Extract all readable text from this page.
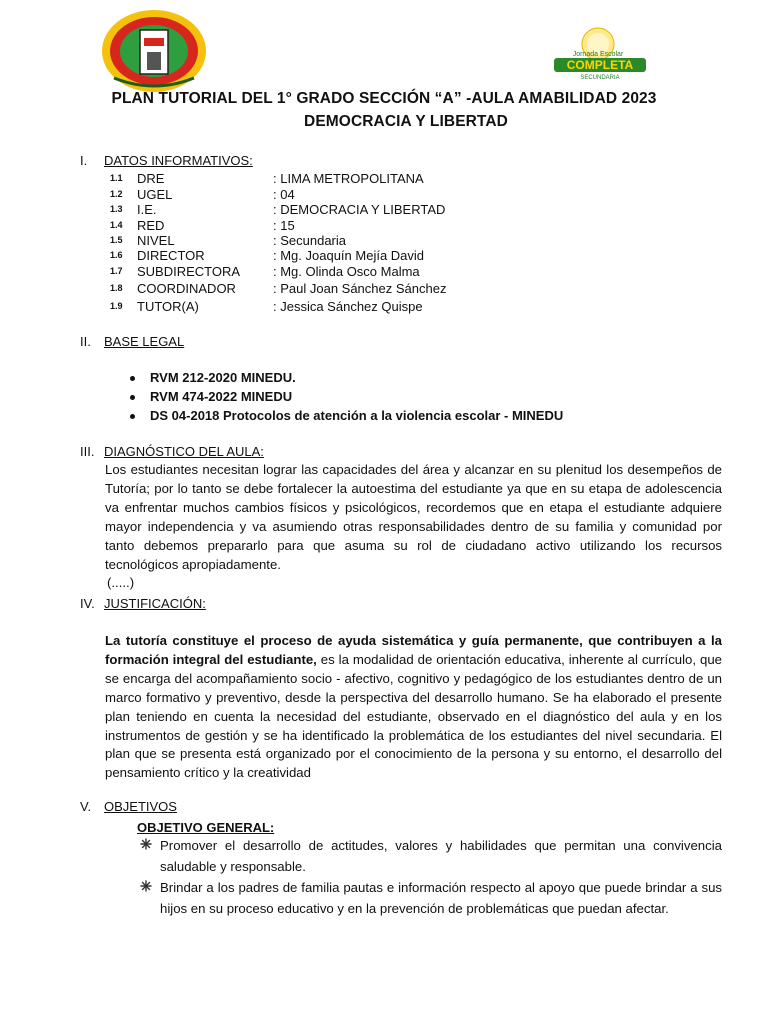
Jornada Escolar
COMPLETA
SECUNDARIA
PLAN TUTORIAL DEL 1° GRADO SECCIÓN “A” -AULA AMABILIDAD 2023
DEMOCRACIA Y LIBERTAD
I.	DATOS INFORMATIVOS:
1.1 DRE	: LIMA METROPOLITANA
1.2 UGEL	: 04
1.3 I.E.	: DEMOCRACIA Y LIBERTAD
1.4 RED	: 15
1.5 NIVEL	: Secundaria
1.6 DIRECTOR	: Mg. Joaquín Mejía David
1.7 SUBDIRECTORA	: Mg. Olinda Osco Malma
1.8 COORDINADOR	: Paul Joan Sánchez Sánchez
1.9 TUTOR(A)	: Jessica Sánchez Quispe
II.	BASE LEGAL
RVM 212-2020 MINEDU.
RVM 474-2022 MINEDU
DS 04-2018 Protocolos de atención a la violencia escolar - MINEDU
III. DIAGNÓSTICO DEL AULA:
Los estudiantes necesitan lograr las capacidades del área y alcanzar en su plenitud los desempeños de Tutoría; por lo tanto se debe fortalecer la autoestima del estudiante ya que en su etapa de adolescencia va enfrentar muchos cambios físicos y psicológicos, recordemos que en etapa el estudiante adquiere mayor independencia y va asumiendo otras responsabilidades dentro de su familia y comunidad por tanto debemos prepararlo para que asuma su rol de ciudadano activo utilizando los recursos tecnológicos apropiadamente.
(.....)
IV. JUSTIFICACIÓN:
La tutoría constituye el proceso de ayuda sistemática y guía permanente, que contribuyen a la formación integral del estudiante, es la modalidad de orientación educativa, inherente al currículo, que se encarga del acompañamiento socio - afectivo, cognitivo y pedagógico de los estudiantes dentro de un marco formativo y preventivo, desde la perspectiva del desarrollo humano. Se ha elaborado el presente plan teniendo en cuenta la necesidad del estudiante, observado en el diagnóstico del aula y en los instrumentos de gestión y se ha identificado la problemática de los estudiantes del nivel secundaria. El plan que se presenta está organizado por el conocimiento de la persona y su entorno, el desarrollo del pensamiento crítico y la creatividad
V. OBJETIVOS
OBJETIVO GENERAL:
Promover el desarrollo de actitudes, valores y habilidades que permitan una convivencia saludable y responsable.
Brindar a los padres de familia pautas e información respecto al apoyo que puede brindar a sus hijos en su proceso educativo y en la prevención de problemáticas que puedan afectar.
